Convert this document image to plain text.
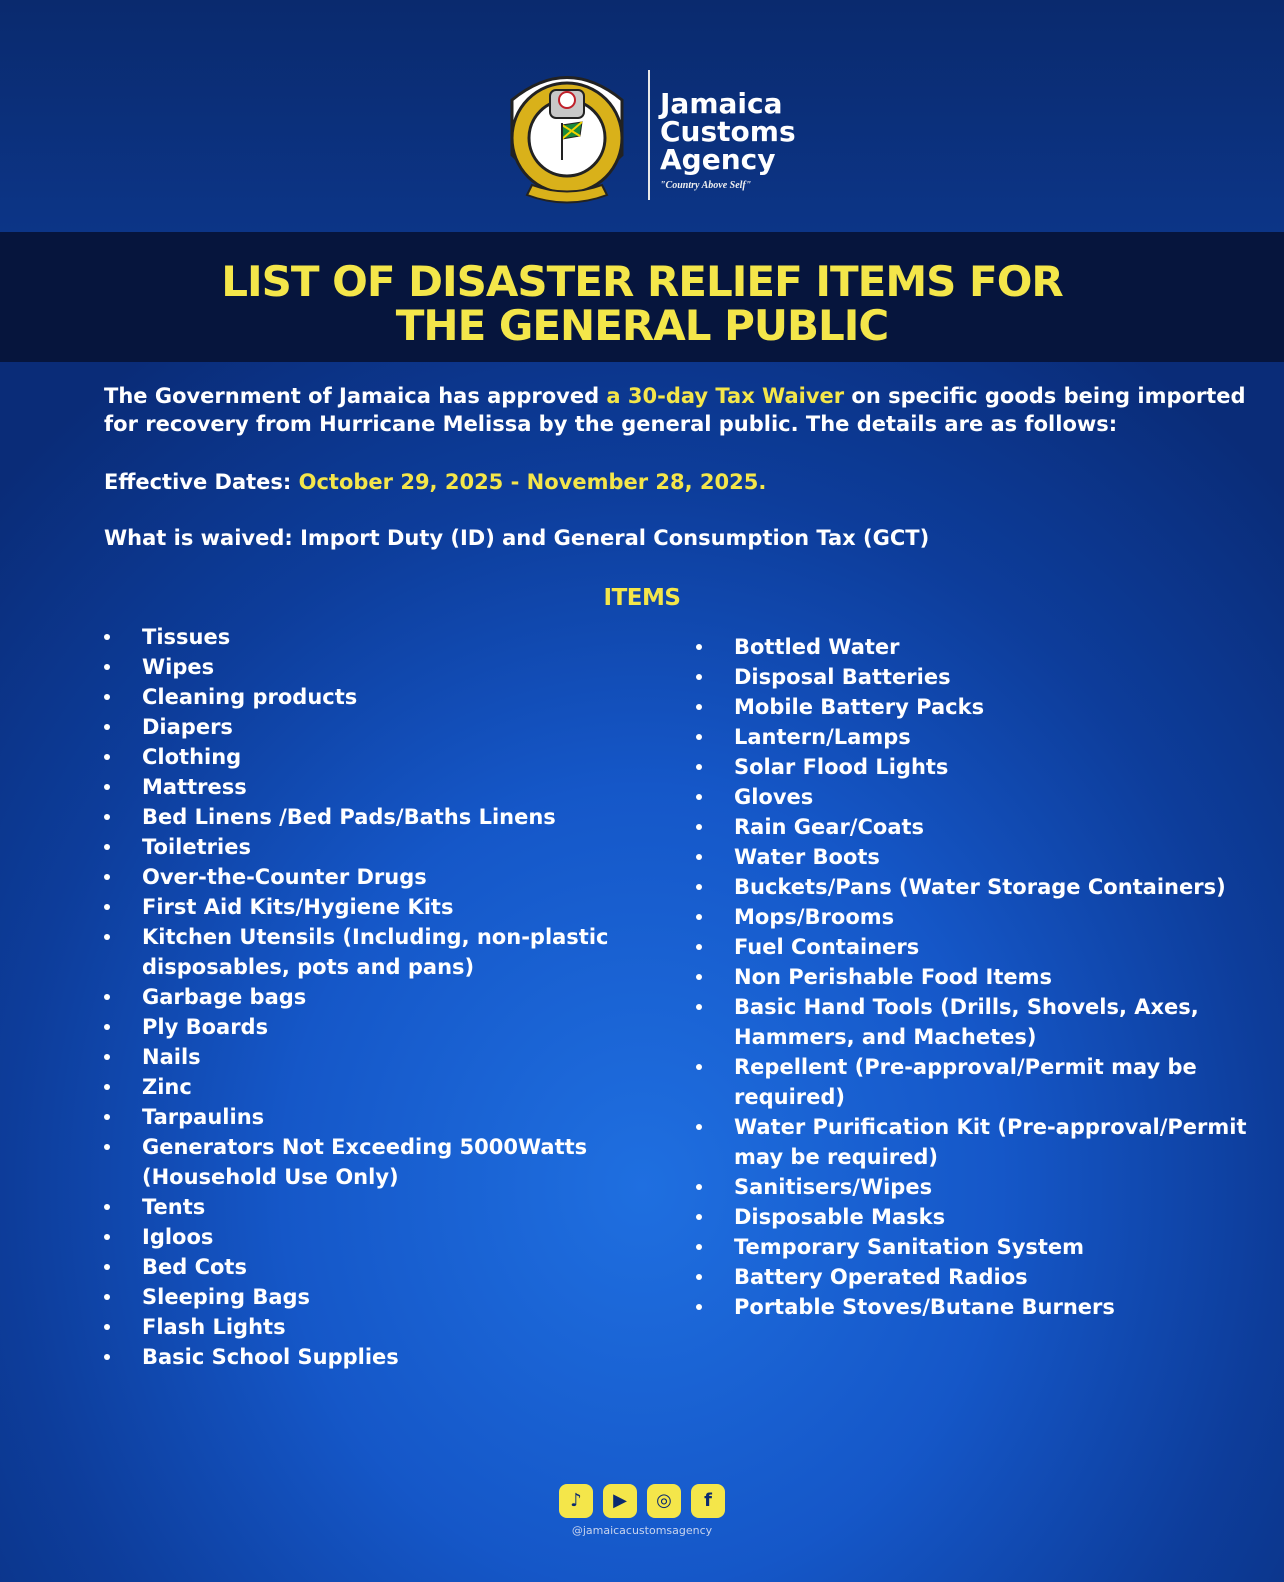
Jamaica
Customs
Agency
"Country Above Self"
LIST OF DISASTER RELIEF ITEMS FOR
THE GENERAL PUBLIC
The Government of Jamaica has approved a 30-day Tax Waiver on specific goods being imported for recovery from Hurricane Melissa by the general public. The details are as follows:
Effective Dates: October 29, 2025 - November 28, 2025.
What is waived: Import Duty (ID) and General Consumption Tax (GCT)
ITEMS
Tissues
Wipes
Cleaning products
Diapers
Clothing
Mattress
Bed Linens /Bed Pads/Baths Linens
Toiletries
Over-the-Counter Drugs
First Aid Kits/Hygiene Kits
Kitchen Utensils (Including, non-plastic disposables, pots and pans)
Garbage bags
Ply Boards
Nails
Zinc
Tarpaulins
Generators Not Exceeding 5000Watts (Household Use Only)
Tents
Igloos
Bed Cots
Sleeping Bags
Flash Lights
Basic School Supplies
Bottled Water
Disposal Batteries
Mobile Battery Packs
Lantern/Lamps
Solar Flood Lights
Gloves
Rain Gear/Coats
Water Boots
Buckets/Pans (Water Storage Containers)
Mops/Brooms
Fuel Containers
Non Perishable Food Items
Basic Hand Tools (Drills, Shovels, Axes, Hammers, and Machetes)
Repellent (Pre-approval/Permit may be required)
Water Purification Kit (Pre-approval/Permit may be required)
Sanitisers/Wipes
Disposable Masks
Temporary Sanitation System
Battery Operated Radios
Portable Stoves/Butane Burners
♪	▶	◎	f
@jamaicacustomsagency
